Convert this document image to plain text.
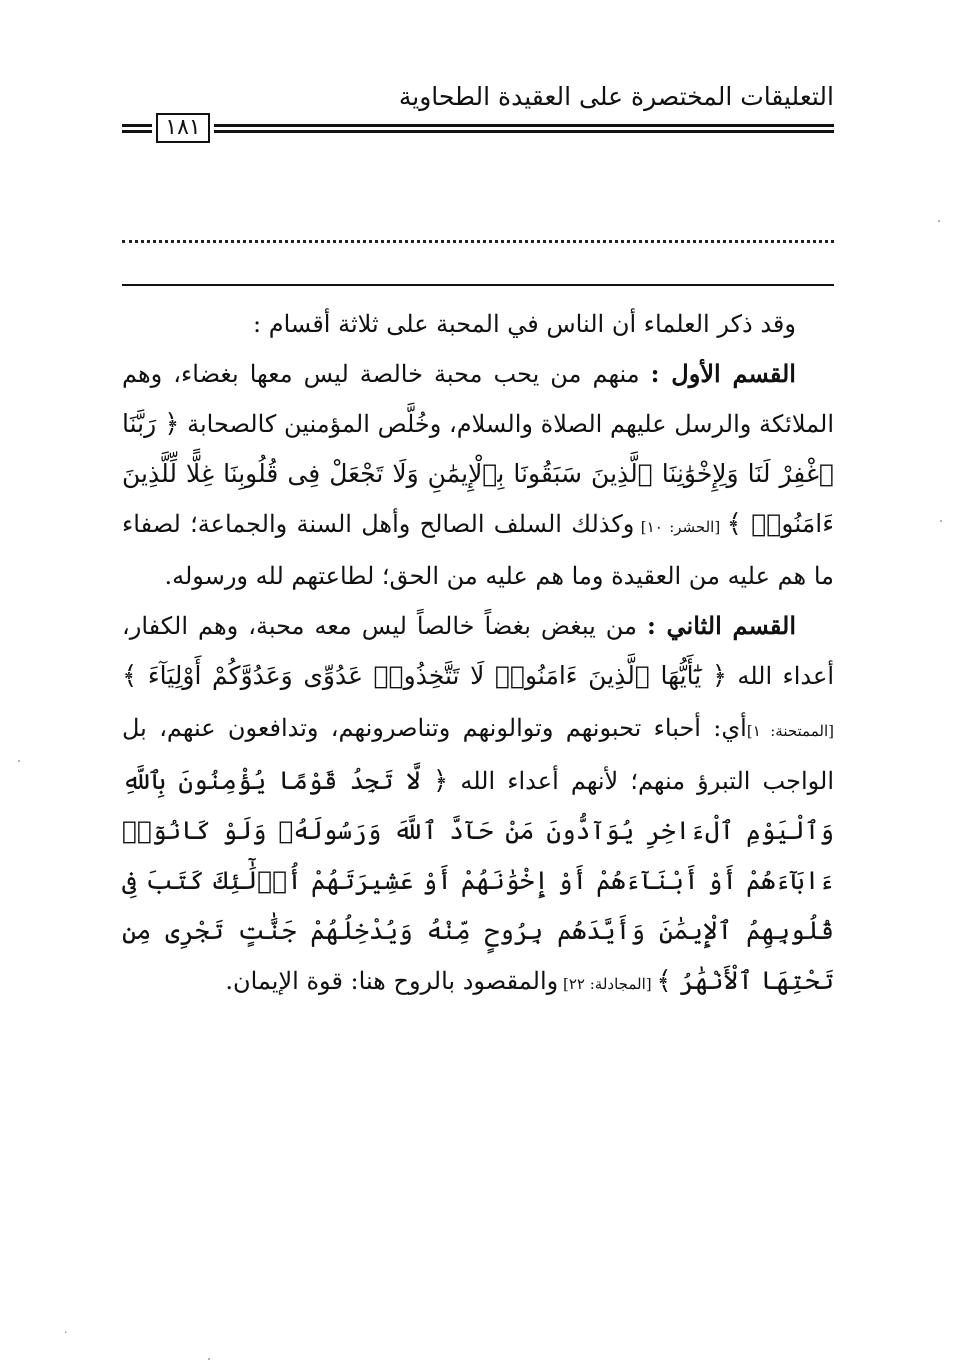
التعليقات المختصرة على العقيدة الطحاوية
١٨١

وقد ذكر العلماء أن الناس في المحبة على ثلاثة أقسام :

القسم الأول : منهم من يحب محبة خالصة ليس معها بغضاء، وهم الملائكة والرسل عليهم الصلاة والسلام، وخُلَّص المؤمنين كالصحابة ﴿ رَبَّنَا ٱغْفِرْ لَنَا وَلِإِخْوَٰنِنَا ٱلَّذِينَ سَبَقُونَا بِٱلْإِيمَٰنِ وَلَا تَجْعَلْ فِى قُلُوبِنَا غِلًّا لِّلَّذِينَ ءَامَنُوا۟ ﴾ [الحشر: ١٠] وكذلك السلف الصالح وأهل السنة والجماعة؛ لصفاء ما هم عليه من العقيدة وما هم عليه من الحق؛ لطاعتهم لله ورسوله.

القسم الثاني : من يبغض بغضاً خالصاً ليس معه محبة، وهم الكفار، أعداء الله ﴿ يَٰٓأَيُّهَا ٱلَّذِينَ ءَامَنُوا۟ لَا تَتَّخِذُوا۟ عَدُوِّى وَعَدُوَّكُمْ أَوْلِيَآءَ ﴾ [الممتحنة: ١]أي: أحباء تحبونهم وتوالونهم وتناصرونهم، وتدافعون عنهم، بل الواجب التبرؤ منهم؛ لأنهم أعداء الله ﴿ لَّا تَجِدُ قَوْمًا يُؤْمِنُونَ بِٱللَّهِ وَٱلْيَوْمِ ٱلْءَاخِرِ يُوَآدُّونَ مَنْ حَآدَّ ٱللَّهَ وَرَسُولَهُۥ وَلَوْ كَانُوٓا۟ ءَابَآءَهُمْ أَوْ أَبْنَآءَهُمْ أَوْ إِخْوَٰنَهُمْ أَوْ عَشِيرَتَهُمْ أُو۟لَٰٓئِكَ كَتَبَ فِى قُلُوبِهِمُ ٱلْإِيمَٰنَ وَأَيَّدَهُم بِرُوحٍ مِّنْهُ وَيُدْخِلُهُمْ جَنَّٰتٍ تَجْرِى مِن تَحْتِهَا ٱلْأَنْهَٰرُ ﴾ [المجادلة: ٢٢] والمقصود بالروح هنا: قوة الإيمان.

·
